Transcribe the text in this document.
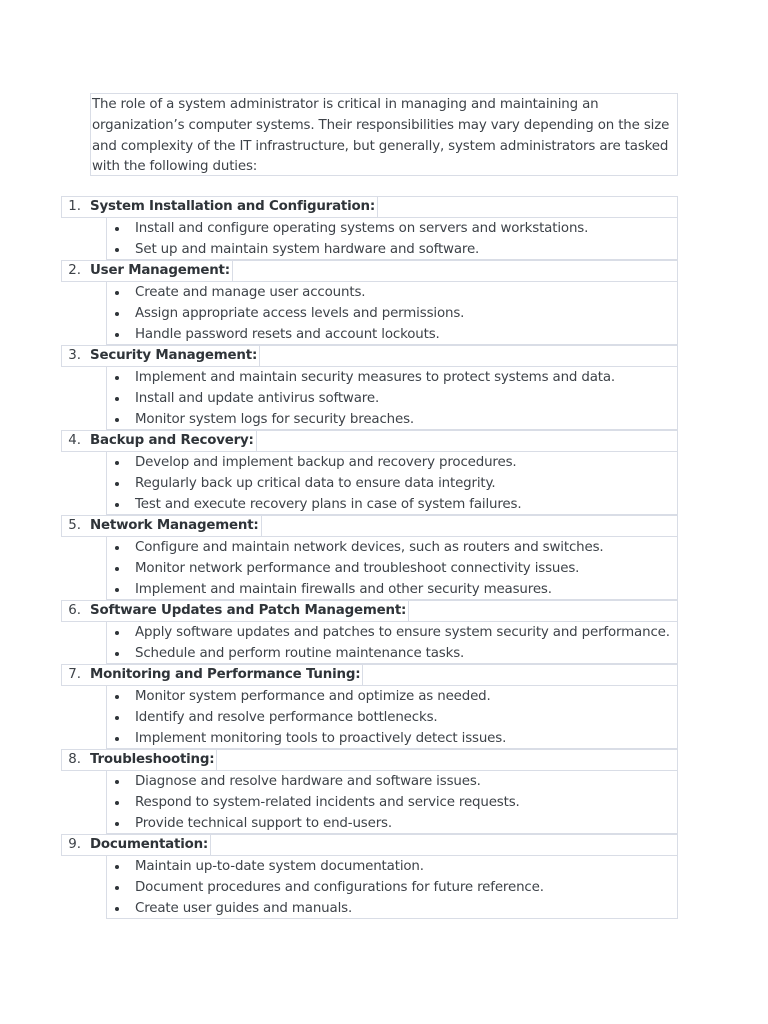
The role of a system administrator is critical in managing and maintaining an organization’s computer systems. Their responsibilities may vary depending on the size and complexity of the IT infrastructure, but generally, system administrators are tasked with the following duties:
1. System Installation and Configuration:
Install and configure operating systems on servers and workstations.
Set up and maintain system hardware and software.
2. User Management:
Create and manage user accounts.
Assign appropriate access levels and permissions.
Handle password resets and account lockouts.
3. Security Management:
Implement and maintain security measures to protect systems and data.
Install and update antivirus software.
Monitor system logs for security breaches.
4. Backup and Recovery:
Develop and implement backup and recovery procedures.
Regularly back up critical data to ensure data integrity.
Test and execute recovery plans in case of system failures.
5. Network Management:
Configure and maintain network devices, such as routers and switches.
Monitor network performance and troubleshoot connectivity issues.
Implement and maintain firewalls and other security measures.
6. Software Updates and Patch Management:
Apply software updates and patches to ensure system security and performance.
Schedule and perform routine maintenance tasks.
7. Monitoring and Performance Tuning:
Monitor system performance and optimize as needed.
Identify and resolve performance bottlenecks.
Implement monitoring tools to proactively detect issues.
8. Troubleshooting:
Diagnose and resolve hardware and software issues.
Respond to system-related incidents and service requests.
Provide technical support to end-users.
9. Documentation:
Maintain up-to-date system documentation.
Document procedures and configurations for future reference.
Create user guides and manuals.
